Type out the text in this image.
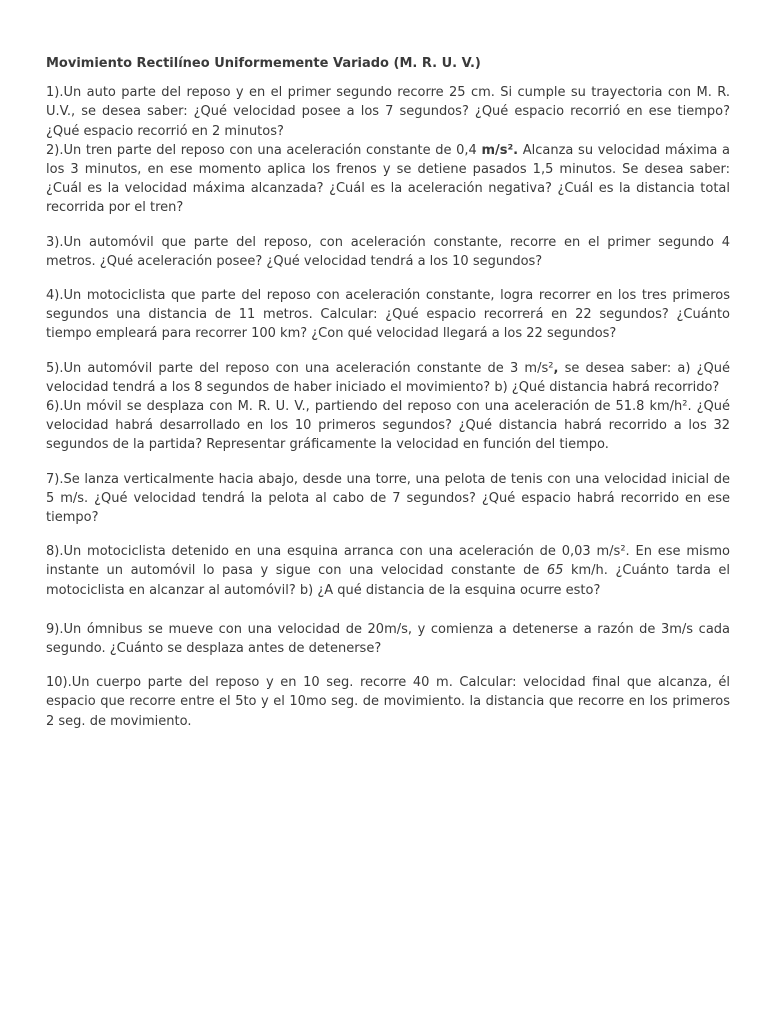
Movimiento Rectilíneo Uniformemente Variado (M. R. U. V.)

1).Un auto parte del reposo y en el primer segundo recorre 25 cm. Si cumple su trayectoria con M. R. U.V., se desea saber: ¿Qué velocidad posee a los 7 segundos? ¿Qué espacio recorrió en ese tiempo? ¿Qué espacio recorrió en 2 minutos?

2).Un tren parte del reposo con una aceleración constante de 0,4 m/s². Alcanza su velocidad máxima a los 3 minutos, en ese momento aplica los frenos y se detiene pasados 1,5 minutos. Se desea saber: ¿Cuál es la velocidad máxima alcanzada? ¿Cuál es la aceleración negativa? ¿Cuál es la distancia total recorrida por el tren?

3).Un automóvil que parte del reposo, con aceleración constante, recorre en el primer segundo 4 metros. ¿Qué aceleración posee? ¿Qué velocidad tendrá a los 10 segundos?

4).Un motociclista que parte del reposo con aceleración constante, logra recorrer en los tres primeros segundos una distancia de 11 metros. Calcular: ¿Qué espacio recorrerá en 22 segundos? ¿Cuánto tiempo empleará para recorrer 100 km? ¿Con qué velocidad llegará a los 22 segundos?

5).Un automóvil parte del reposo con una aceleración constante de 3 m/s², se desea saber: a) ¿Qué velocidad tendrá a los 8 segundos de haber iniciado el movimiento? b) ¿Qué distancia habrá recorrido?

6).Un móvil se desplaza con M. R. U. V., partiendo del reposo con una aceleración de 51.8 km/h². ¿Qué velocidad habrá desarrollado en los 10 primeros segundos? ¿Qué distancia habrá recorrido a los 32 segundos de la partida? Representar gráficamente la velocidad en función del tiempo.

7).Se lanza verticalmente hacia abajo, desde una torre, una pelota de tenis con una velocidad inicial de 5 m/s. ¿Qué velocidad tendrá la pelota al cabo de 7 segundos? ¿Qué espacio habrá recorrido en ese tiempo?

8).Un motociclista detenido en una esquina arranca con una aceleración de 0,03 m/s². En ese mismo instante un automóvil lo pasa y sigue con una velocidad constante de 65 km/h. ¿Cuánto tarda el motociclista en alcanzar al automóvil? b) ¿A qué distancia de la esquina ocurre esto?

9).Un ómnibus se mueve con una velocidad de 20m/s, y comienza a detenerse a razón de 3m/s cada segundo. ¿Cuánto se desplaza antes de detenerse?

10).Un cuerpo parte del reposo y en 10 seg. recorre 40 m. Calcular: velocidad final que alcanza, él espacio que recorre entre el 5to y el 10mo seg. de movimiento. la distancia que recorre en los primeros 2 seg. de movimiento.
